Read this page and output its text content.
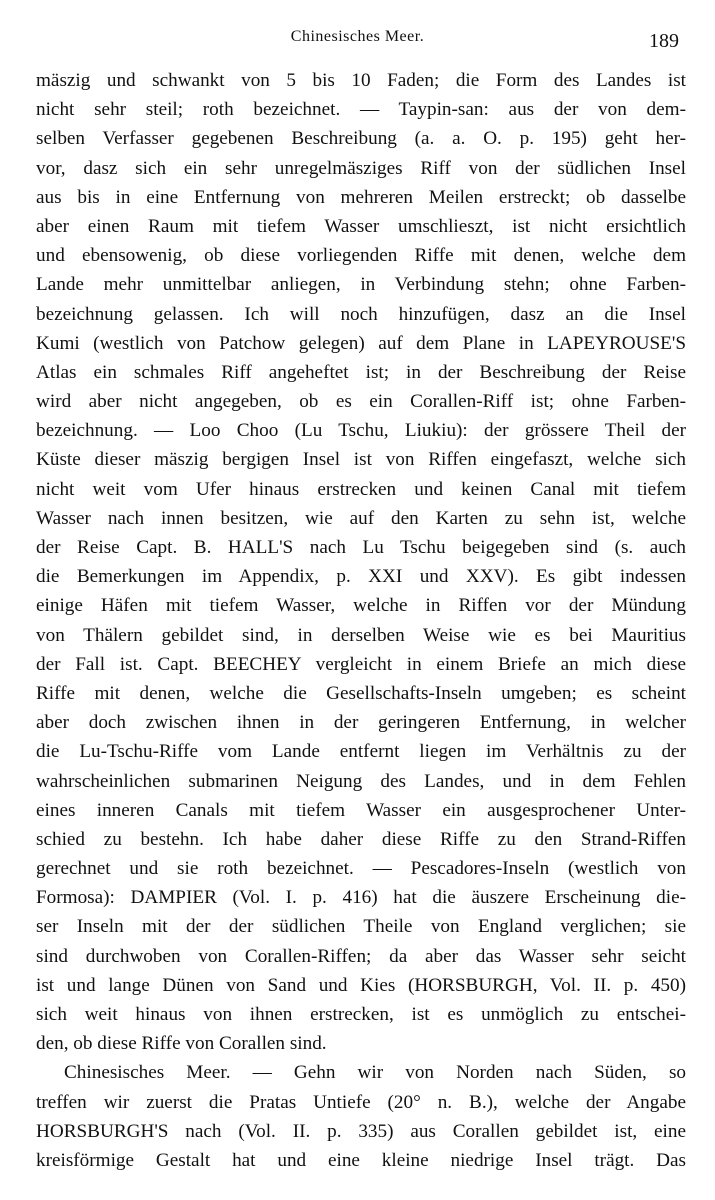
Chinesisches Meer.	189
mäszig und schwankt von 5 bis 10 Faden; die Form des Landes ist
nicht sehr steil; roth bezeichnet. — Taypin-san: aus der von dem-
selben Verfasser gegebenen Beschreibung (a. a. O. p. 195) geht her-
vor, dasz sich ein sehr unregelmäsziges Riff von der südlichen Insel
aus bis in eine Entfernung von mehreren Meilen erstreckt; ob dasselbe
aber einen Raum mit tiefem Wasser umschlieszt, ist nicht ersichtlich
und ebensowenig, ob diese vorliegenden Riffe mit denen, welche dem
Lande mehr unmittelbar anliegen, in Verbindung stehn; ohne Farben-
bezeichnung gelassen. Ich will noch hinzufügen, dasz an die Insel
Kumi (westlich von Patchow gelegen) auf dem Plane in LAPEYROUSE'S
Atlas ein schmales Riff angeheftet ist; in der Beschreibung der Reise
wird aber nicht angegeben, ob es ein Corallen-Riff ist; ohne Farben-
bezeichnung. — Loo Choo (Lu Tschu, Liukiu): der grössere Theil der
Küste dieser mäszig bergigen Insel ist von Riffen eingefaszt, welche sich
nicht weit vom Ufer hinaus erstrecken und keinen Canal mit tiefem
Wasser nach innen besitzen, wie auf den Karten zu sehn ist, welche
der Reise Capt. B. HALL'S nach Lu Tschu beigegeben sind (s. auch
die Bemerkungen im Appendix, p. XXI und XXV). Es gibt indessen
einige Häfen mit tiefem Wasser, welche in Riffen vor der Mündung
von Thälern gebildet sind, in derselben Weise wie es bei Mauritius
der Fall ist. Capt. BEECHEY vergleicht in einem Briefe an mich diese
Riffe mit denen, welche die Gesellschafts-Inseln umgeben; es scheint
aber doch zwischen ihnen in der geringeren Entfernung, in welcher
die Lu-Tschu-Riffe vom Lande entfernt liegen im Verhältnis zu der
wahrscheinlichen submarinen Neigung des Landes, und in dem Fehlen
eines inneren Canals mit tiefem Wasser ein ausgesprochener Unter-
schied zu bestehn. Ich habe daher diese Riffe zu den Strand-Riffen
gerechnet und sie roth bezeichnet. — Pescadores-Inseln (westlich von
Formosa): DAMPIER (Vol. I. p. 416) hat die äuszere Erscheinung die-
ser Inseln mit der der südlichen Theile von England verglichen; sie
sind durchwoben von Corallen-Riffen; da aber das Wasser sehr seicht
ist und lange Dünen von Sand und Kies (HORSBURGH, Vol. II. p. 450)
sich weit hinaus von ihnen erstrecken, ist es unmöglich zu entschei-
den, ob diese Riffe von Corallen sind.
Chinesisches Meer. — Gehn wir von Norden nach Süden, so
treffen wir zuerst die Pratas Untiefe (20° n. B.), welche der Angabe
HORSBURGH'S nach (Vol. II. p. 335) aus Corallen gebildet ist, eine
kreisförmige Gestalt hat und eine kleine niedrige Insel trägt. Das
